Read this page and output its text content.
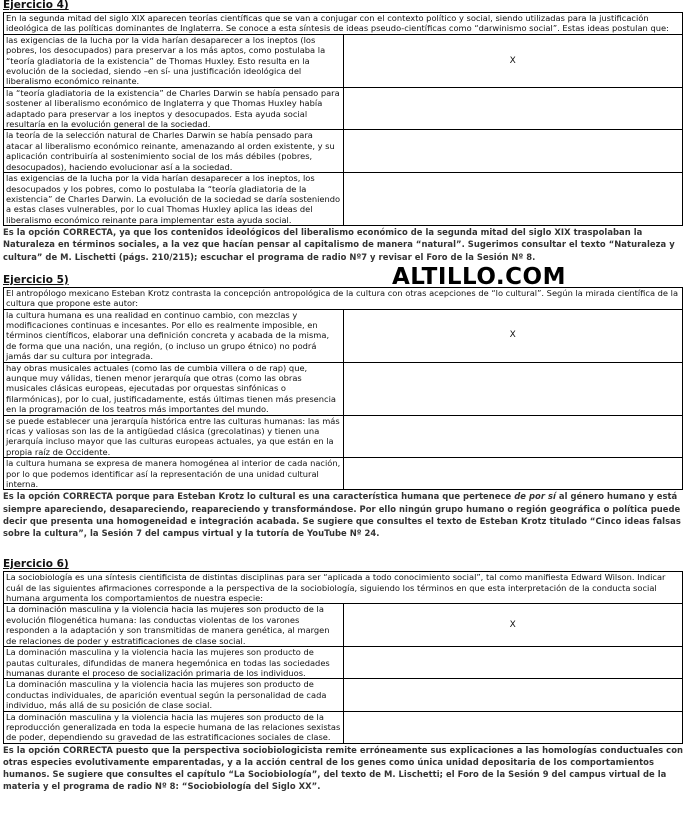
Ejercicio 4)
En la segunda mitad del siglo XIX aparecen teorías científicas que se van a conjugar con el contexto político y social, siendo utilizadas para la justificación ideológica de las políticas dominantes de Inglaterra. Se conoce a esta síntesis de ideas pseudo-científicas como “darwinismo social”. Estas ideas postulan que:	
las exigencias de la lucha por la vida harían desaparecer a los ineptos (los pobres, los desocupados) para preservar a los más aptos, como postulaba la “teoría gladiatoria de la existencia” de Thomas Huxley. Esto resulta en la evolución de la sociedad, siendo –en sí- una justificación ideológica del liberalismo económico reinante.	X
la “teoría gladiatoria de la existencia” de Charles Darwin se había pensado para sostener al liberalismo económico de Inglaterra y que Thomas Huxley había adaptado para preservar a los ineptos y desocupados. Esta ayuda social resultaría en la evolución general de la sociedad.	
la teoría de la selección natural de Charles Darwin se había pensado para atacar al liberalismo económico reinante, amenazando al orden existente, y su aplicación contribuiría al sostenimiento social de los más débiles (pobres, desocupados), haciendo evolucionar así a la sociedad.	
las exigencias de la lucha por la vida harían desaparecer a los ineptos, los desocupados y los pobres, como lo postulaba la “teoría gladiatoria de la existencia” de Charles Darwin. La evolución de la sociedad se daría sosteniendo a estas clases vulnerables, por lo cual Thomas Huxley aplica las ideas del liberalismo económico reinante para implementar esta ayuda social.	
Es la opción CORRECTA, ya que los contenidos ideológicos del liberalismo económico de la segunda mitad del siglo XIX traspolaban la Naturaleza en términos sociales, a la vez que hacían pensar al capitalismo de manera “natural”. Sugerimos consultar el texto “Naturaleza y cultura” de M. Lischetti (págs. 210/215); escuchar el programa de radio Nº7 y revisar el Foro de la Sesión Nº 8.
Ejercicio 5)
El antropólogo mexicano Esteban Krotz contrasta la concepción antropológica de la cultura con otras acepciones de “lo cultural”. Según la mirada científica de la cultura que propone este autor:	
la cultura humana es una realidad en continuo cambio, con mezclas y modificaciones continuas e incesantes. Por ello es realmente imposible, en términos científicos, elaborar una definición concreta y acabada de la misma, de forma que una nación, una región, (o incluso un grupo étnico) no podrá jamás dar su cultura por integrada.	X
hay obras musicales actuales (como las de cumbia villera o de rap) que, aunque muy válidas, tienen menor jerarquía que otras (como las obras musicales clásicas europeas, ejecutadas por orquestas sinfónicas o filarmónicas), por lo cual, justificadamente, estás últimas tienen más presencia en la programación de los teatros más importantes del mundo.	
se puede establecer una jerarquía histórica entre las culturas humanas: las más ricas y valiosas son las de la antigüedad clásica (grecolatinas) y tienen una jerarquía incluso mayor que las culturas europeas actuales, ya que están en la propia raíz de Occidente.	
la cultura humana se expresa de manera homogénea al interior de cada nación, por lo que podemos identificar así la representación de una unidad cultural interna.	
Es la opción CORRECTA porque para Esteban Krotz lo cultural es una característica humana que pertenece de por sí al género humano y está siempre apareciendo, desapareciendo, reapareciendo y transformándose. Por ello ningún grupo humano o región geográfica o política puede decir que presenta una homogeneidad e integración acabada. Se sugiere que consultes el texto de Esteban Krotz titulado “Cinco ideas falsas sobre la cultura”, la Sesión 7 del campus virtual y la tutoría de YouTube Nº 24.
Ejercicio 6)
La sociobiología es una síntesis cientificista de distintas disciplinas para ser “aplicada a todo conocimiento social”, tal como manifiesta Edward Wilson. Indicar cuál de las siguientes afirmaciones corresponde a la perspectiva de la sociobiología, siguiendo los términos en que esta interpretación de la conducta social humana argumenta los comportamientos de nuestra especie:	
La dominación masculina y la violencia hacia las mujeres son producto de la evolución filogenética humana: las conductas violentas de los varones responden a la adaptación y son transmitidas de manera genética, al margen de relaciones de poder y estratificaciones de clase social.	X
La dominación masculina y la violencia hacia las mujeres son producto de pautas culturales, difundidas de manera hegemónica en todas las sociedades humanas durante el proceso de socialización primaria de los individuos.	
La dominación masculina y la violencia hacia las mujeres son producto de conductas individuales, de aparición eventual según la personalidad de cada individuo, más allá de su posición de clase social.	
La dominación masculina y la violencia hacia las mujeres son producto de la reproducción generalizada en toda la especie humana de las relaciones sexistas de poder, dependiendo su gravedad de las estratificaciones sociales de clase.	
Es la opción CORRECTA puesto que la perspectiva sociobiologicista remite erróneamente sus explicaciones a las homologías conductuales con otras especies evolutivamente emparentadas, y a la acción central de los genes como única unidad depositaria de los comportamientos humanos. Se sugiere que consultes el capítulo “La Sociobiología”, del texto de M. Lischetti; el Foro de la Sesión 9 del campus virtual de la materia y el programa de radio Nº 8: “Sociobiología del Siglo XX”.
ALTILLO.COM
